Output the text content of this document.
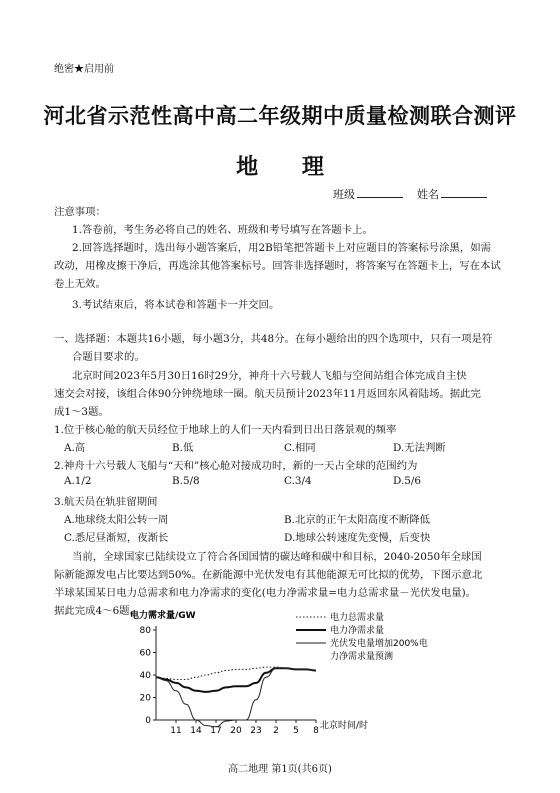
绝密★启用前
河北省示范性高中高二年级期中质量检测联合测评
地 理
班级	姓名
注意事项：
1.答卷前，考生务必将自己的姓名、班级和考号填写在答题卡上。
2.回答选择题时，选出每小题答案后，用2B铅笔把答题卡上对应题目的答案标号涂黑，如需
改动，用橡皮擦干净后，再选涂其他答案标号。回答非选择题时，将答案写在答题卡上，写在本试
卷上无效。
3.考试结束后，将本试卷和答题卡一并交回。
一、选择题：本题共16小题，每小题3分，共48分。在每小题给出的四个选项中，只有一项是符
合题目要求的。
北京时间2023年5月30日16时29分，神舟十六号载人飞船与空间站组合体完成自主快
速交会对接，该组合体90分钟绕地球一圈。航天员预计2023年11月返回东风着陆场。据此完
成1～3题。
1.位于核心舱的航天员经位于地球上的人们一天内看到日出日落景观的频率
A.高	B.低	C.相同	D.无法判断
2.神舟十六号载人飞船与“天和”核心舱对接成功时，新的一天占全球的范围约为
A.1/2	B.5/8	C.3/4	D.5/6
3.航天员在轨驻留期间
A.地球绕太阳公转一周	B.北京的正午太阳高度不断降低
C.悉尼昼渐短，夜渐长	D.地球公转速度先变慢，后变快
当前，全球国家已陆续设立了符合各国国情的碳达峰和碳中和目标，2040-2050年全球国
际新能源发电占比要达到50%。在新能源中光伏发电有其他能源无可比拟的优势，下图示意北
半球某国某日电力总需求和电力净需求的变化(电力净需求量=电力总需求量－光伏发电量)。
据此完成4～6题。
电力需求量/GW
0
20
40
60
80
11 14 17 20 23 2 5 8 北京时间/时
电力总需求量
电力净需求量
光伏发电量增加200%电
力净需求量预测
高二地理 第1页(共6页)
